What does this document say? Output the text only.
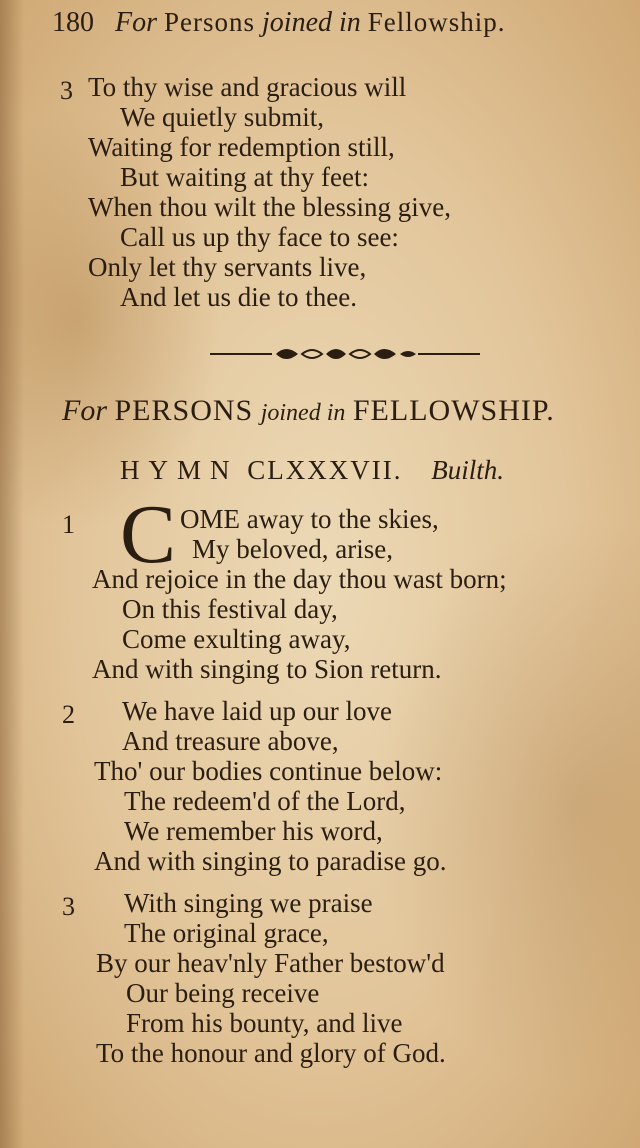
180 For Persons joined in Fellowship.
3 To thy wise and gracious will
We quietly submit,
Waiting for redemption still,
But waiting at thy feet:
When thou wilt the blessing give,
Call us up thy face to see:
Only let thy servants live,
And let us die to thee.
For PERSONS joined in FELLOWSHIP.
HYMN CLXXXVII. Builth.
1 C OME away to the skies,
My beloved, arise,
And rejoice in the day thou wast born;
On this festival day,
Come exulting away,
And with singing to Sion return.
2 We have laid up our love
And treasure above,
Tho' our bodies continue below:
The redeem'd of the Lord,
We remember his word,
And with singing to paradise go.
3 With singing we praise
The original grace,
By our heav'nly Father bestow'd
Our being receive
From his bounty, and live
To the honour and glory of God.
